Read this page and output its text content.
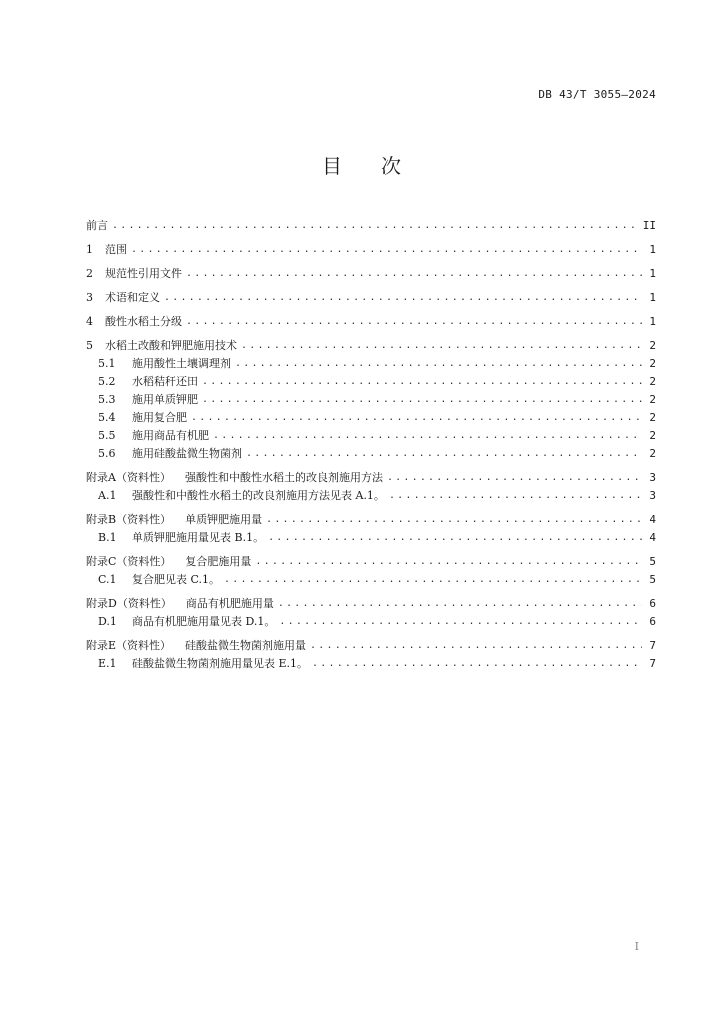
DB 43/T 3055—2024
目 次
前言 .....	II
1	范围 .....	1
2	规范性引用文件 .....	1
3	术语和定义 .....	1
4	酸性水稻土分级 .....	1
5	水稻土改酸和钾肥施用技术 .....	2
5.1	施用酸性土壤调理剂 .....	2
5.2	水稻秸秆还田 .....	2
5.3	施用单质钾肥 .....	2
5.4	施用复合肥 .....	2
5.5	施用商品有机肥 .....	2
5.6	施用硅酸盐微生物菌剂 .....	2
附录A（资料性） 强酸性和中酸性水稻土的改良剂施用方法 .....	3
A.1	强酸性和中酸性水稻土的改良剂施用方法见表 A.1。 .....	3
附录B（资料性） 单质钾肥施用量 .....	4
B.1	单质钾肥施用量见表 B.1。 .....	4
附录C（资料性） 复合肥施用量 .....	5
C.1	复合肥见表 C.1。 .....	5
附录D（资料性） 商品有机肥施用量 .....	6
D.1	商品有机肥施用量见表 D.1。 .....	6
附录E（资料性） 硅酸盐微生物菌剂施用量 .....	7
E.1	硅酸盐微生物菌剂施用量见表 E.1。 .....	7
I
